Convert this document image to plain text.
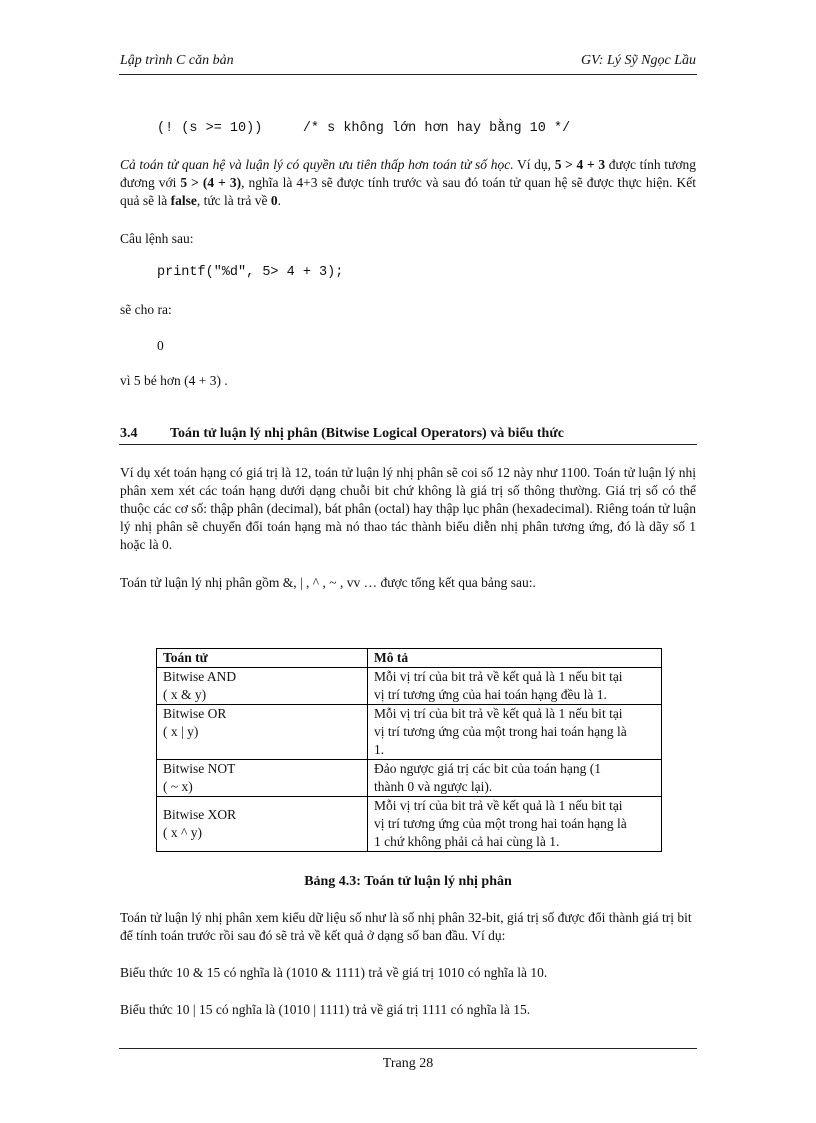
Lập trình C căn bản	GV: Lý Sỹ Ngọc Lầu
(! (s >= 10))     /* s không lớn hơn hay bằng 10 */
Cả toán tử quan hệ và luận lý có quyền ưu tiên thấp hơn toán tử số học. Ví dụ, 5 > 4 + 3 được tính tương đương với 5 > (4 + 3), nghĩa là 4+3 sẽ được tính trước và sau đó toán tử quan hệ sẽ được thực hiện. Kết quả sẽ là false, tức là trả về 0.
Câu lệnh sau:
printf("%d", 5> 4 + 3);
sẽ cho ra:
0
vì 5 bé hơn (4 + 3) .
3.4 Toán tử luận lý nhị phân (Bitwise Logical Operators) và biểu thức
Ví dụ xét toán hạng có giá trị là 12, toán tử luận lý nhị phân sẽ coi số 12 này như 1100. Toán tử luận lý nhị phân xem xét các toán hạng dưới dạng chuỗi bit chứ không là giá trị số thông thường. Giá trị số có thể thuộc các cơ số: thập phân (decimal), bát phân (octal) hay thập lục phân (hexadecimal). Riêng toán tử luận lý nhị phân sẽ chuyển đổi toán hạng mà nó thao tác thành biểu diễn nhị phân tương ứng, đó là dãy số 1 hoặc là 0.
Toán tử luận lý nhị phân gồm &, | , ^ , ~ , vv … được tổng kết qua bảng sau:.
Toán tử	Mô tả

Bitwise AND
( x & y)	Mỗi vị trí của bit trả về kết quả là 1 nếu bit tại
vị trí tương ứng của hai toán hạng đều là 1.

Bitwise OR
( x | y)	Mỗi vị trí của bit trả về kết quả là 1 nếu bit tại
vị trí tương ứng của một trong hai toán hạng là
1.

Bitwise NOT
( ~ x)	Đảo ngược giá trị các bit của toán hạng (1
thành 0 và ngược lại).

Bitwise XOR
( x ^ y)	Mỗi vị trí của bit trả về kết quả là 1 nếu bit tại
vị trí tương ứng của một trong hai toán hạng là
1 chứ không phải cả hai cùng là 1.
Bảng 4.3: Toán tử luận lý nhị phân
Toán tử luận lý nhị phân xem kiểu dữ liệu số như là số nhị phân 32-bit, giá trị số được đổi thành giá trị bit để tính toán trước rồi sau đó sẽ trả về kết quả ở dạng số ban đầu. Ví dụ:
Biểu thức 10 & 15 có nghĩa là (1010 & 1111) trả về giá trị 1010 có nghĩa là 10.
Biểu thức 10 | 15 có nghĩa là (1010 | 1111) trả về giá trị 1111 có nghĩa là 15.
Trang 28
